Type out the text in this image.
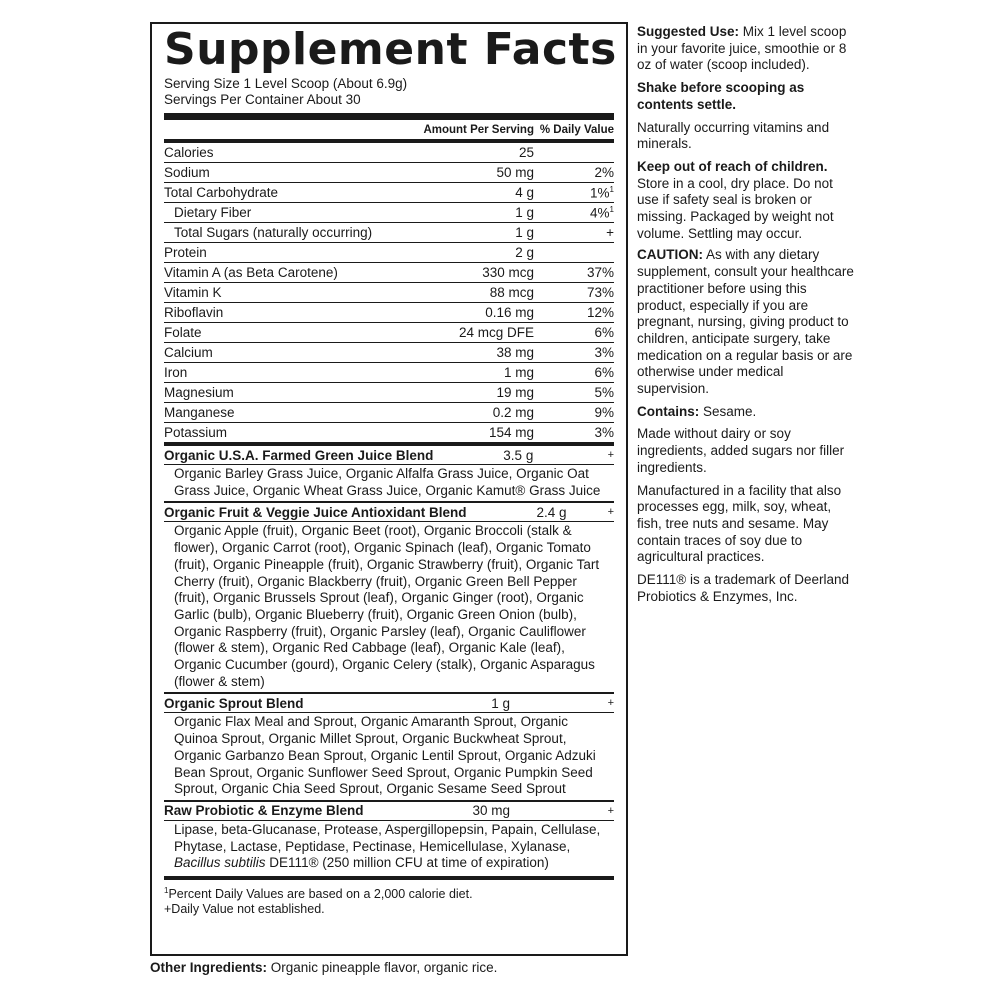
Supplement Facts
Serving Size 1 Level Scoop (About 6.9g)
Servings Per Container About 30
Amount Per Serving % Daily Value
Calories	25
Sodium	50 mg	2%
Total Carbohydrate	4 g	1%$^1$
Dietary Fiber	1 g	4%$^1$
Total Sugars (naturally occurring)	1 g	+
Protein	2 g
Vitamin A (as Beta Carotene)	330 mcg	37%
Vitamin K	88 mcg	73%
Riboflavin	0.16 mg	12%
Folate	24 mcg DFE	6%
Calcium	38 mg	3%
Iron	1 mg	6%
Magnesium	19 mg	5%
Manganese	0.2 mg	9%
Potassium	154 mg	3%
Organic U.S.A. Farmed Green Juice Blend	3.5 g	+
Organic Barley Grass Juice, Organic Alfalfa Grass Juice, Organic Oat Grass Juice, Organic Wheat Grass Juice, Organic Kamut® Grass Juice
Organic Fruit & Veggie Juice Antioxidant Blend	2.4 g	+
Organic Apple (fruit), Organic Beet (root), Organic Broccoli (stalk & flower), Organic Carrot (root), Organic Spinach (leaf), Organic Tomato (fruit), Organic Pineapple (fruit), Organic Strawberry (fruit), Organic Tart Cherry (fruit), Organic Blackberry (fruit), Organic Green Bell Pepper (fruit), Organic Brussels Sprout (leaf), Organic Ginger (root), Organic Garlic (bulb), Organic Blueberry (fruit), Organic Green Onion (bulb), Organic Raspberry (fruit), Organic Parsley (leaf), Organic Cauliflower (flower & stem), Organic Red Cabbage (leaf), Organic Kale (leaf), Organic Cucumber (gourd), Organic Celery (stalk), Organic Asparagus (flower & stem)
Organic Sprout Blend	1 g	+
Organic Flax Meal and Sprout, Organic Amaranth Sprout, Organic Quinoa Sprout, Organic Millet Sprout, Organic Buckwheat Sprout, Organic Garbanzo Bean Sprout, Organic Lentil Sprout, Organic Adzuki Bean Sprout, Organic Sunflower Seed Sprout, Organic Pumpkin Seed Sprout, Organic Chia Seed Sprout, Organic Sesame Seed Sprout
Raw Probiotic & Enzyme Blend	30 mg	+
Lipase, beta-Glucanase, Protease, Aspergillopepsin, Papain, Cellulase, Phytase, Lactase, Peptidase, Pectinase, Hemicellulase, Xylanase, Bacillus subtilis DE111® (250 million CFU at time of expiration)
$^1$Percent Daily Values are based on a 2,000 calorie diet.
+Daily Value not established.
Other Ingredients: Organic pineapple flavor, organic rice.

Suggested Use: Mix 1 level scoop in your favorite juice, smoothie or 8 oz of water (scoop included).

Shake before scooping as contents settle.

Naturally occurring vitamins and minerals.

Keep out of reach of children. Store in a cool, dry place. Do not use if safety seal is broken or missing. Packaged by weight not volume. Settling may occur.

CAUTION: As with any dietary supplement, consult your healthcare practitioner before using this product, especially if you are pregnant, nursing, giving product to children, anticipate surgery, take medication on a regular basis or are otherwise under medical supervision.

Contains: Sesame.

Made without dairy or soy ingredients, added sugars nor filler ingredients.

Manufactured in a facility that also processes egg, milk, soy, wheat, fish, tree nuts and sesame. May contain traces of soy due to agricultural practices.

DE111® is a trademark of Deerland Probiotics & Enzymes, Inc.
